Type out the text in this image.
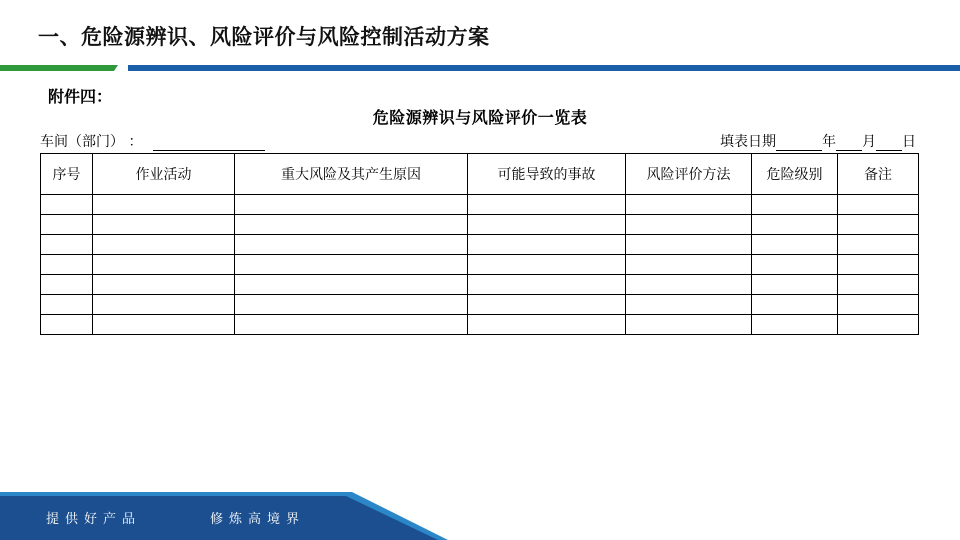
一、危险源辨识、风险评价与风险控制活动方案
附件四：
危险源辨识与风险评价一览表
车间（部门） ：	填表日期	年 月 日
序号	作业活动	重大风险及其产生原因	可能导致的事故	风险评价方法	危险级别	备注

提供好产品	修炼高境界
